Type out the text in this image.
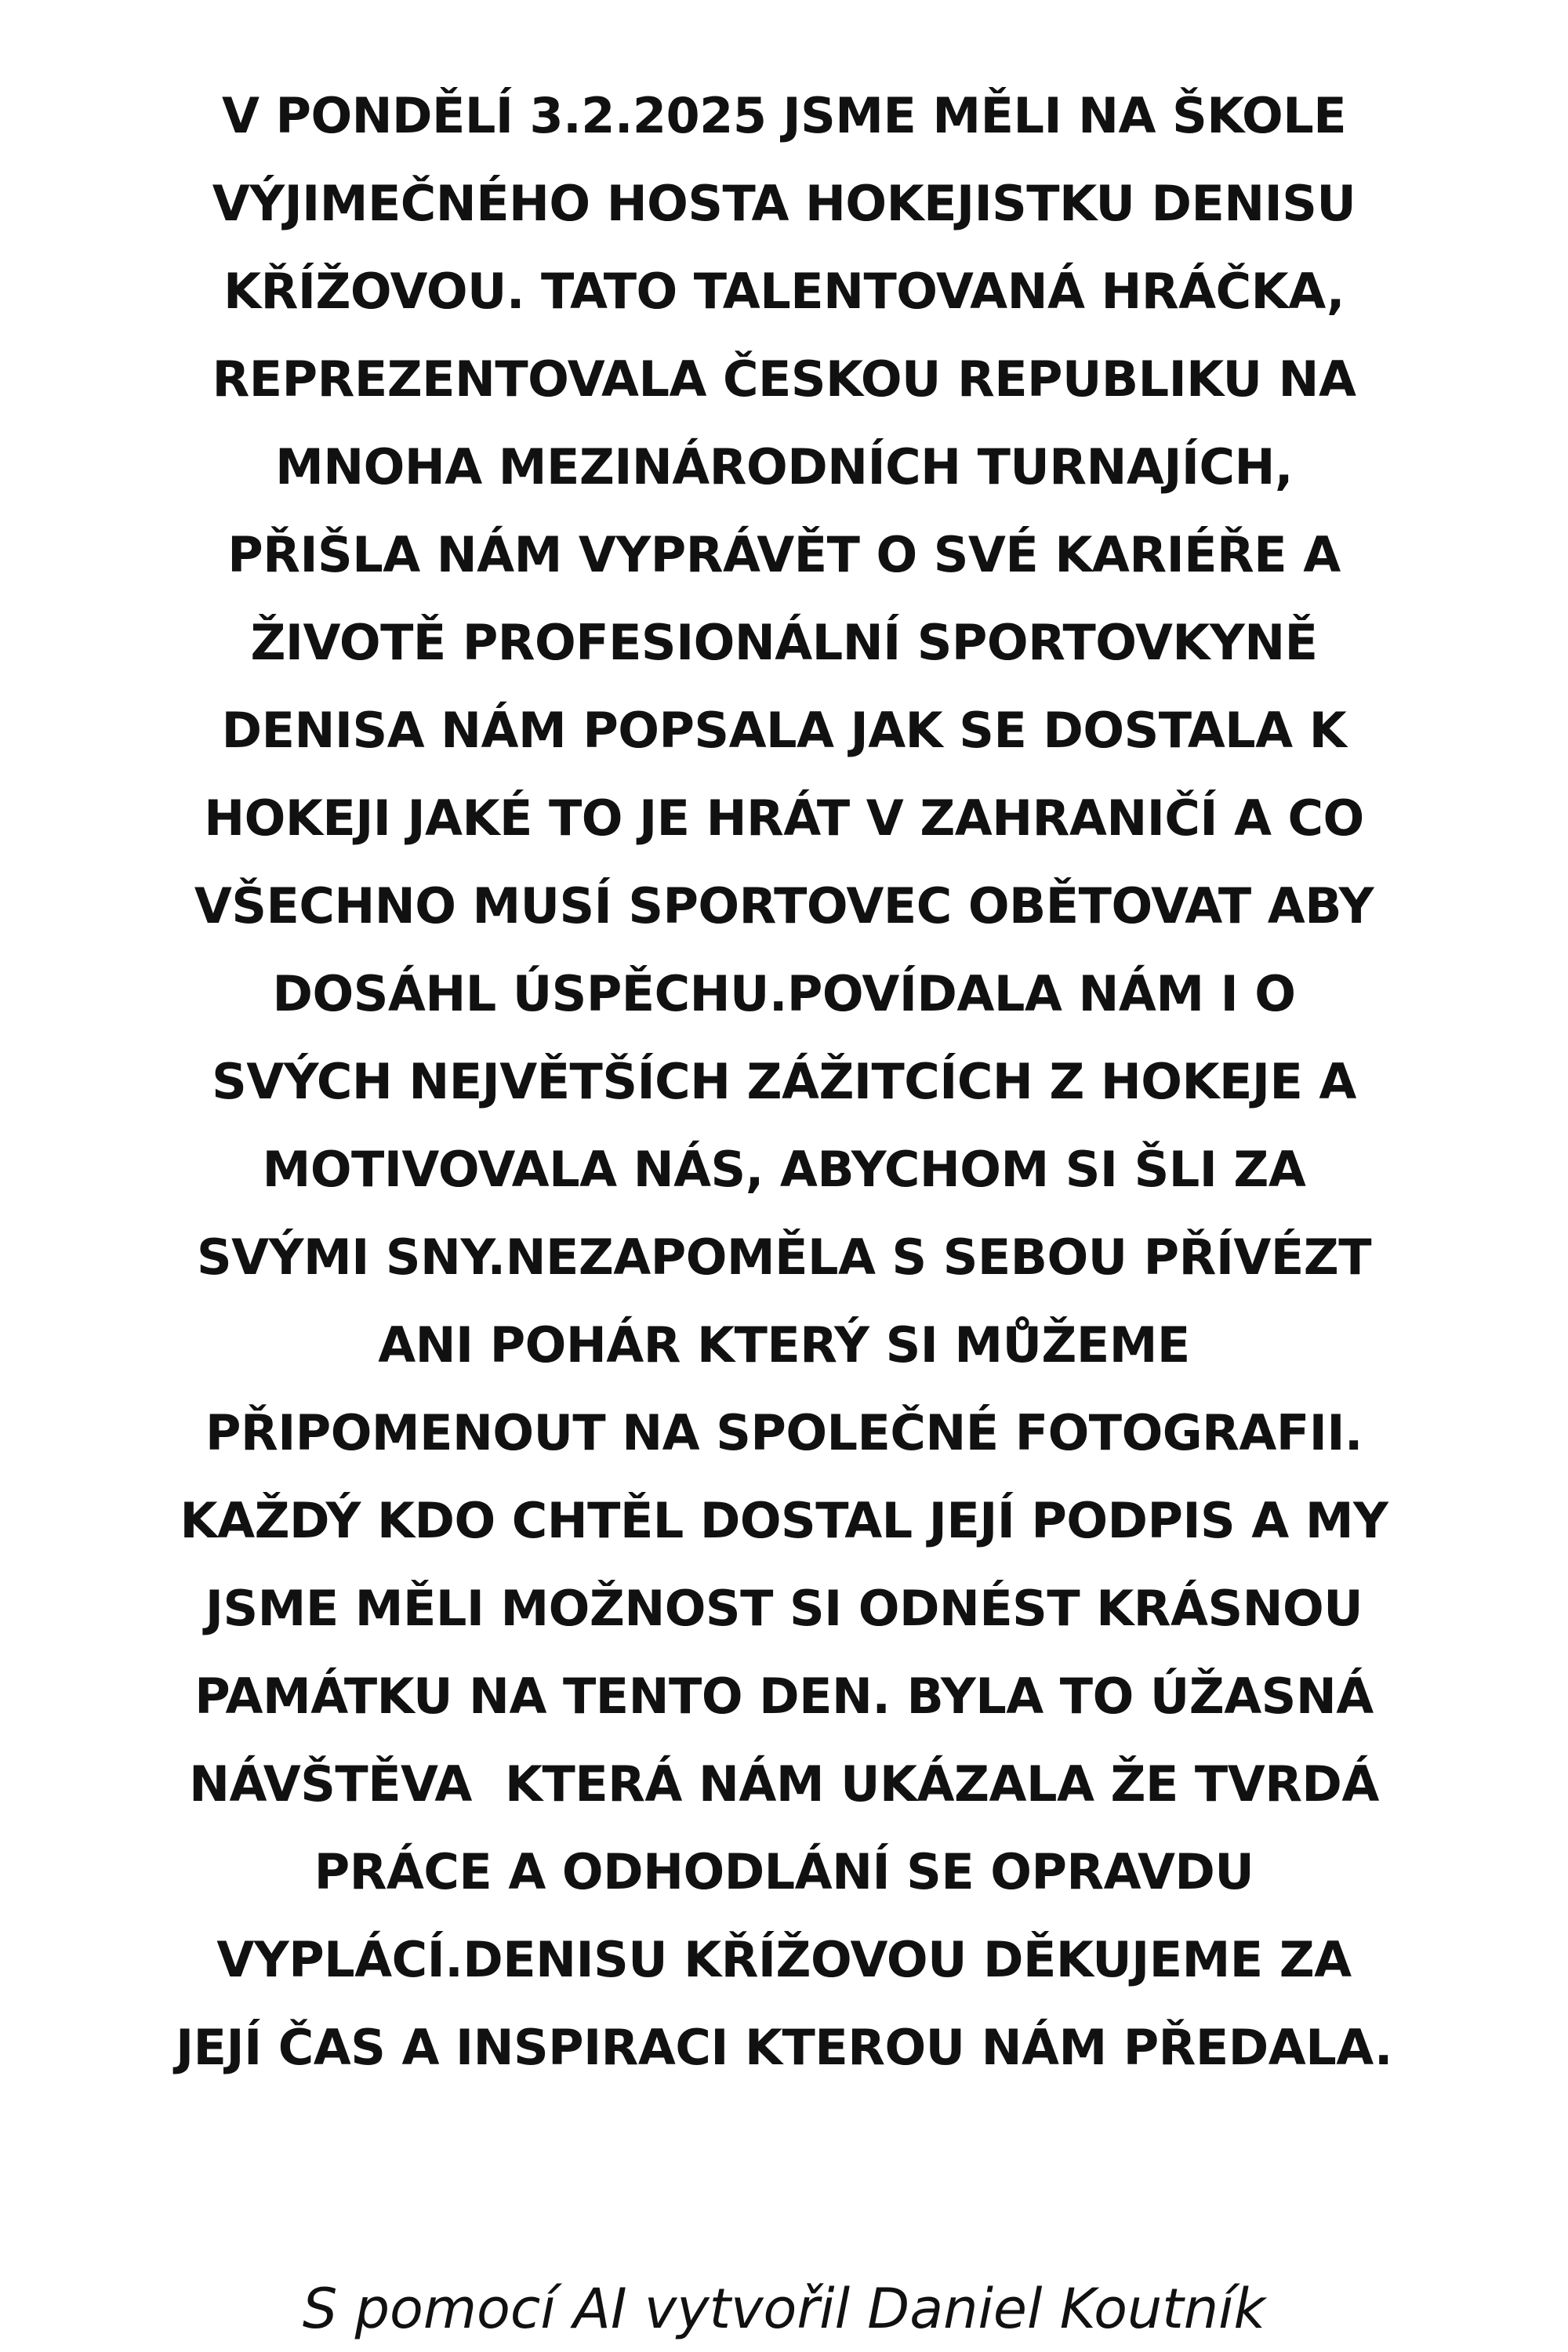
V PONDĚLÍ 3.2.2025 JSME MĚLI NA ŠKOLE
VÝJIMEČNÉHO HOSTA HOKEJISTKU DENISU
KŘÍŽOVOU. TATO TALENTOVANÁ HRÁČKA,
REPREZENTOVALA ČESKOU REPUBLIKU NA
MNOHA MEZINÁRODNÍCH TURNAJÍCH,
PŘIŠLA NÁM VYPRÁVĚT O SVÉ KARIÉŘE A
ŽIVOTĚ PROFESIONÁLNÍ SPORTOVKYNĚ
DENISA NÁM POPSALA JAK SE DOSTALA K
HOKEJI JAKÉ TO JE HRÁT V ZAHRANIČÍ A CO
VŠECHNO MUSÍ SPORTOVEC OBĚTOVAT ABY
DOSÁHL ÚSPĚCHU.POVÍDALA NÁM I O
SVÝCH NEJVĚTŠÍCH ZÁŽITCÍCH Z HOKEJE A
MOTIVOVALA NÁS, ABYCHOM SI ŠLI ZA
SVÝMI SNY.NEZAPOMĚLA S SEBOU PŘÍVÉZT
ANI POHÁR KTERÝ SI MŮŽEME
PŘIPOMENOUT NA SPOLEČNÉ FOTOGRAFII.
KAŽDÝ KDO CHTĚL DOSTAL JEJÍ PODPIS A MY
JSME MĚLI MOŽNOST SI ODNÉST KRÁSNOU
PAMÁTKU NA TENTO DEN. BYLA TO ÚŽASNÁ
NÁVŠTĚVA  KTERÁ NÁM UKÁZALA ŽE TVRDÁ
PRÁCE A ODHODLÁNÍ SE OPRAVDU
VYPLÁCÍ.DENISU KŘÍŽOVOU DĚKUJEME ZA
JEJÍ ČAS A INSPIRACI KTEROU NÁM PŘEDALA.

S pomocí AI vytvořil Daniel Koutník
